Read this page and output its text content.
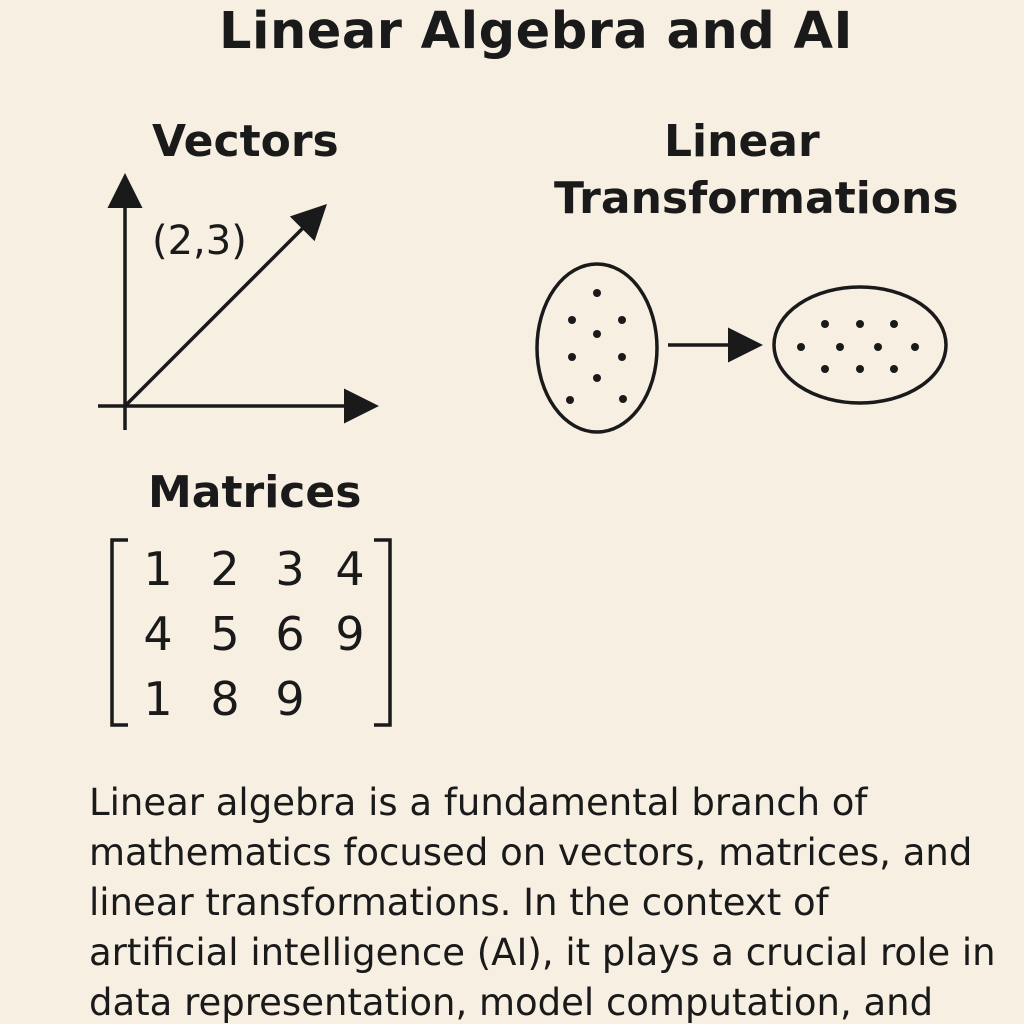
Linear Algebra and AI
Vectors	Linear
Transformations
Matrices
(2,3)
1 2 3 4
4 5 6 9
1 8 9
Linear algebra is a fundamental branch of
mathematics focused on vectors, matrices, and
linear transformations. In the context of
artificial intelligence (AI), it plays a crucial role in
data representation, model computation, and
